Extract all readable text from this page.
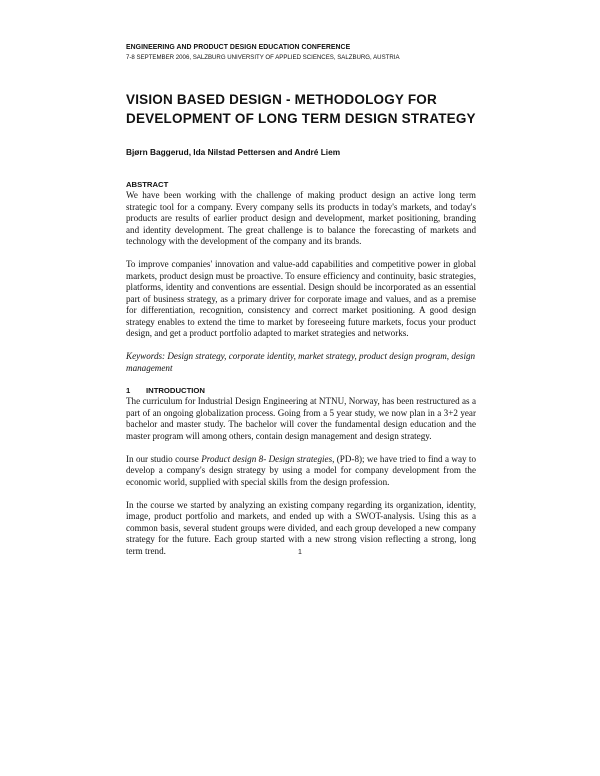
ENGINEERING AND PRODUCT DESIGN EDUCATION CONFERENCE

7-8 SEPTEMBER 2006, SALZBURG UNIVERSITY OF APPLIED SCIENCES, SALZBURG, AUSTRIA

VISION BASED DESIGN - METHODOLOGY FOR DEVELOPMENT OF LONG TERM DESIGN STRATEGY

Bjørn Baggerud, Ida Nilstad Pettersen and André Liem

ABSTRACT

We have been working with the challenge of making product design an active long term strategic tool for a company. Every company sells its products in today's markets, and today's products are results of earlier product design and development, market positioning, branding and identity development. The great challenge is to balance the forecasting of markets and technology with the development of the company and its brands.

To improve companies' innovation and value-add capabilities and competitive power in global markets, product design must be proactive. To ensure efficiency and continuity, basic strategies, platforms, identity and conventions are essential. Design should be incorporated as an essential part of business strategy, as a primary driver for corporate image and values, and as a premise for differentiation, recognition, consistency and correct market positioning. A good design strategy enables to extend the time to market by foreseeing future markets, focus your product design, and get a product portfolio adapted to market strategies and networks.

Keywords: Design strategy, corporate identity, market strategy, product design program, design management

1	INTRODUCTION

The curriculum for Industrial Design Engineering at NTNU, Norway, has been restructured as a part of an ongoing globalization process. Going from a 5 year study, we now plan in a 3+2 year bachelor and master study. The bachelor will cover the fundamental design education and the master program will among others, contain design management and design strategy.

In our studio course Product design 8- Design strategies, (PD-8); we have tried to find a way to develop a company's design strategy by using a model for company development from the economic world, supplied with special skills from the design profession.

In the course we started by analyzing an existing company regarding its organization, identity, image, product portfolio and markets, and ended up with a SWOT-analysis. Using this as a common basis, several student groups were divided, and each group developed a new company strategy for the future. Each group started with a new strong vision reflecting a strong, long term trend.	1
